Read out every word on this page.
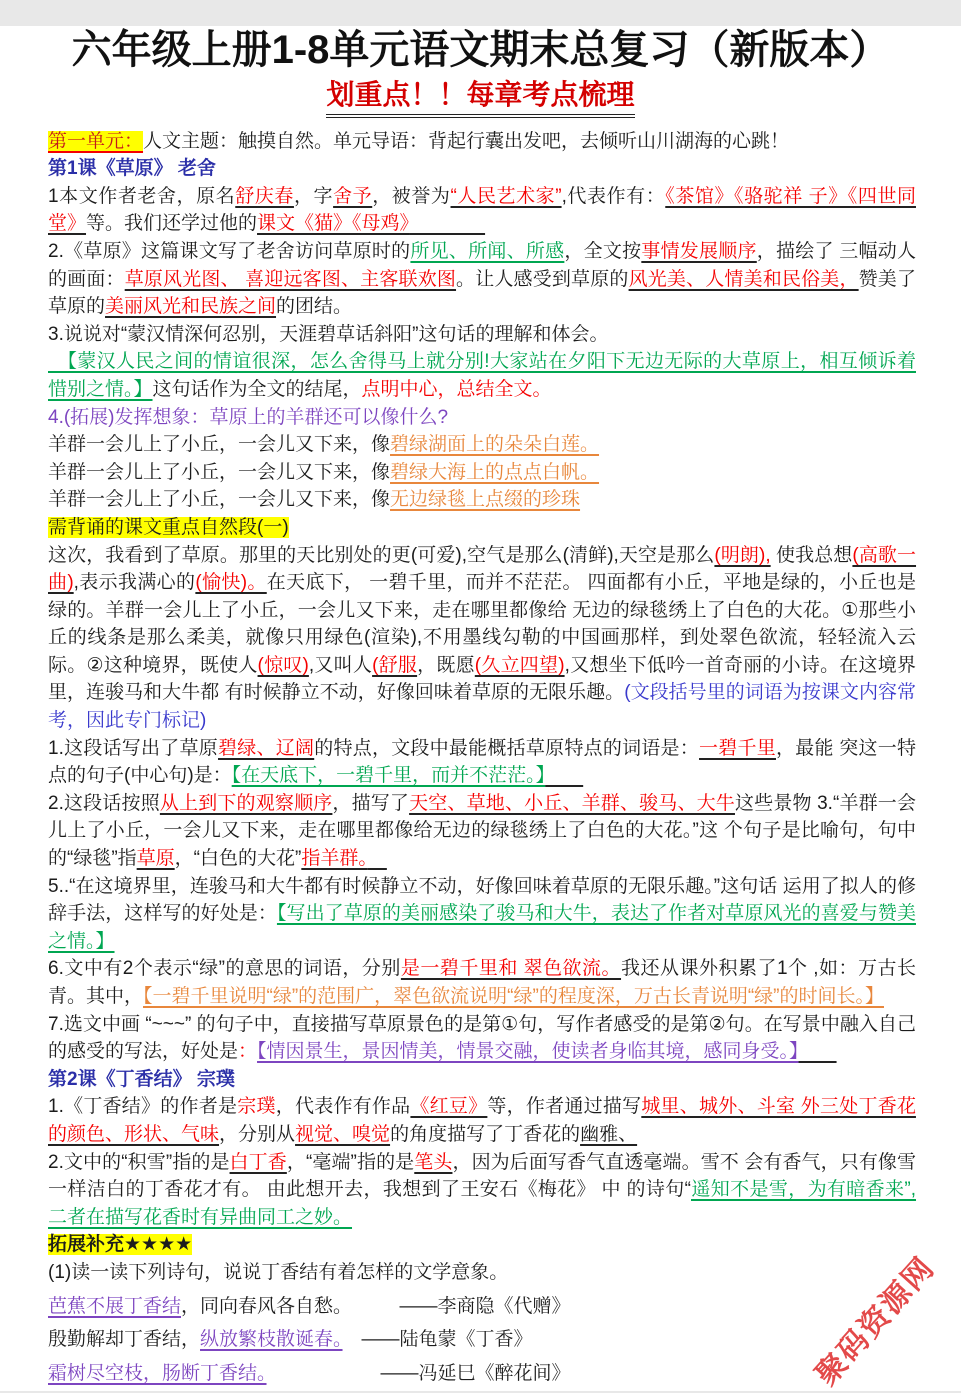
六年级上册1-8单元语文期末总复习（新版本）
划重点！！每章考点梳理
第一单元：人文主题：触摸自然。单元导语：背起行囊出发吧，去倾听山川湖海的心跳！
第1课《草原》 老舍
1本文作者老舍，原名舒庆春，字舍予，被誉为“人民艺术家”,代表作有：《茶馆》《骆驼祥 子》《四世同堂》等。我们还学过他的课文《猫》《母鸡》　　　　
2.《草原》这篇课文写了老舍访问草原时的所见、所闻、所感，全文按事情发展顺序，描绘了 三幅动人的画面：草原风光图、 喜迎远客图、主客联欢图。让人感受到草原的风光美、人情美和民俗美，赞美了草原的美丽风光和民族之间的团结。
3.说说对“蒙汉情深何忍别，天涯碧草话斜阳”这句话的理解和体会。
　【蒙汉人民之间的情谊很深，怎么舍得马上就分别!大家站在夕阳下无边无际的大草原上，相互倾诉着惜别之情。】这句话作为全文的结尾，点明中心，总结全文。
4.(拓展)发挥想象：草原上的羊群还可以像什么?
羊群一会儿上了小丘，一会儿又下来，像碧绿湖面上的朵朵白莲。
羊群一会儿上了小丘，一会儿又下来，像碧绿大海上的点点白帆。
羊群一会儿上了小丘，一会儿又下来，像无边绿毯上点缀的珍珠
需背诵的课文重点自然段(一)
这次，我看到了草原。那里的天比别处的更(可爱),空气是那么(清鲜),天空是那么(明朗), 使我总想(高歌一曲),表示我满心的(愉快)。在天底下， 一碧千里，而并不茫茫。 四面都有小丘，平地是绿的，小丘也是绿的。羊群一会儿上了小丘，一会儿又下来，走在哪里都像给 无边的绿毯绣上了白色的大花。①那些小丘的线条是那么柔美，就像只用绿色(渲染),不用墨线勾勒的中国画那样，到处翠色欲流，轻轻流入云际。②这种境界，既使人(惊叹),又叫人(舒服，既愿(久立四望),又想坐下低吟一首奇丽的小诗。在这境界里，连骏马和大牛都 有时候静立不动，好像回味着草原的无限乐趣。(文段括号里的词语为按课文内容常考，因此专门标记)
1.这段话写出了草原碧绿、辽阔的特点，文段中最能概括草原特点的词语是：一碧千里，最能 突这一特点的句子(中心句)是：【在天底下，一碧千里，而并不茫茫。】　　
2.这段话按照从上到下的观察顺序，描写了天空、草地、小丘、羊群、骏马、大牛这些景物 3.“羊群一会儿上了小丘，一会儿又下来，走在哪里都像给无边的绿毯绣上了白色的大花。”这 个句子是比喻句，句中的“绿毯”指草原，“白色的大花”指羊群。　
5..“在这境界里，连骏马和大牛都有时候静立不动，好像回味着草原的无限乐趣。”这句话 运用了拟人的修辞手法，这样写的好处是：【写出了草原的美丽感染了骏马和大牛，表达了作者对草原风光的喜爱与赞美之情。】
6.文中有2个表示“绿”的意思的词语，分别是一碧千里和 翠色欲流。我还从课外积累了1个 ,如：万古长青。其中，【一碧千里说明“绿”的范围广，翠色欲流说明“绿”的程度深，万古长青说明“绿”的时间长。】
7.选文中画 “~~~” 的句子中，直接描写草原景色的是第①句，写作者感受的是第②句。在写景中融入自己的感受的写法，好处是：【情因景生，景因情美，情景交融，使读者身临其境，感同身受。】　　
第2课《丁香结》 宗璞
1.《丁香结》的作者是宗璞，代表作有作品《红豆》等，作者通过描写城里、城外、斗室 外三处丁香花的颜色、形状、气味，分别从视觉、嗅觉的角度描写了丁香花的幽雅、
2.文中的“积雪”指的是白丁香，“毫端”指的是笔头，因为后面写香气直透毫端。雪不 会有香气，只有像雪一样洁白的丁香花才有。 由此想开去，我想到了王安石《梅花》 中 的诗句“遥知不是雪，为有暗香来”,二者在描写花香时有异曲同工之妙。
拓展补充★★★★
(1)读一读下列诗句，说说丁香结有着怎样的文学意象。
芭蕉不展丁香结，同向春风各自愁。　　　——李商隐《代赠》
殷勤解却丁香结，纵放繁枝散诞春。　——陆龟蒙《丁香》
霜树尽空枝，肠断丁香结。　　　　　　——冯延巳《醉花间》	聚码资源网
